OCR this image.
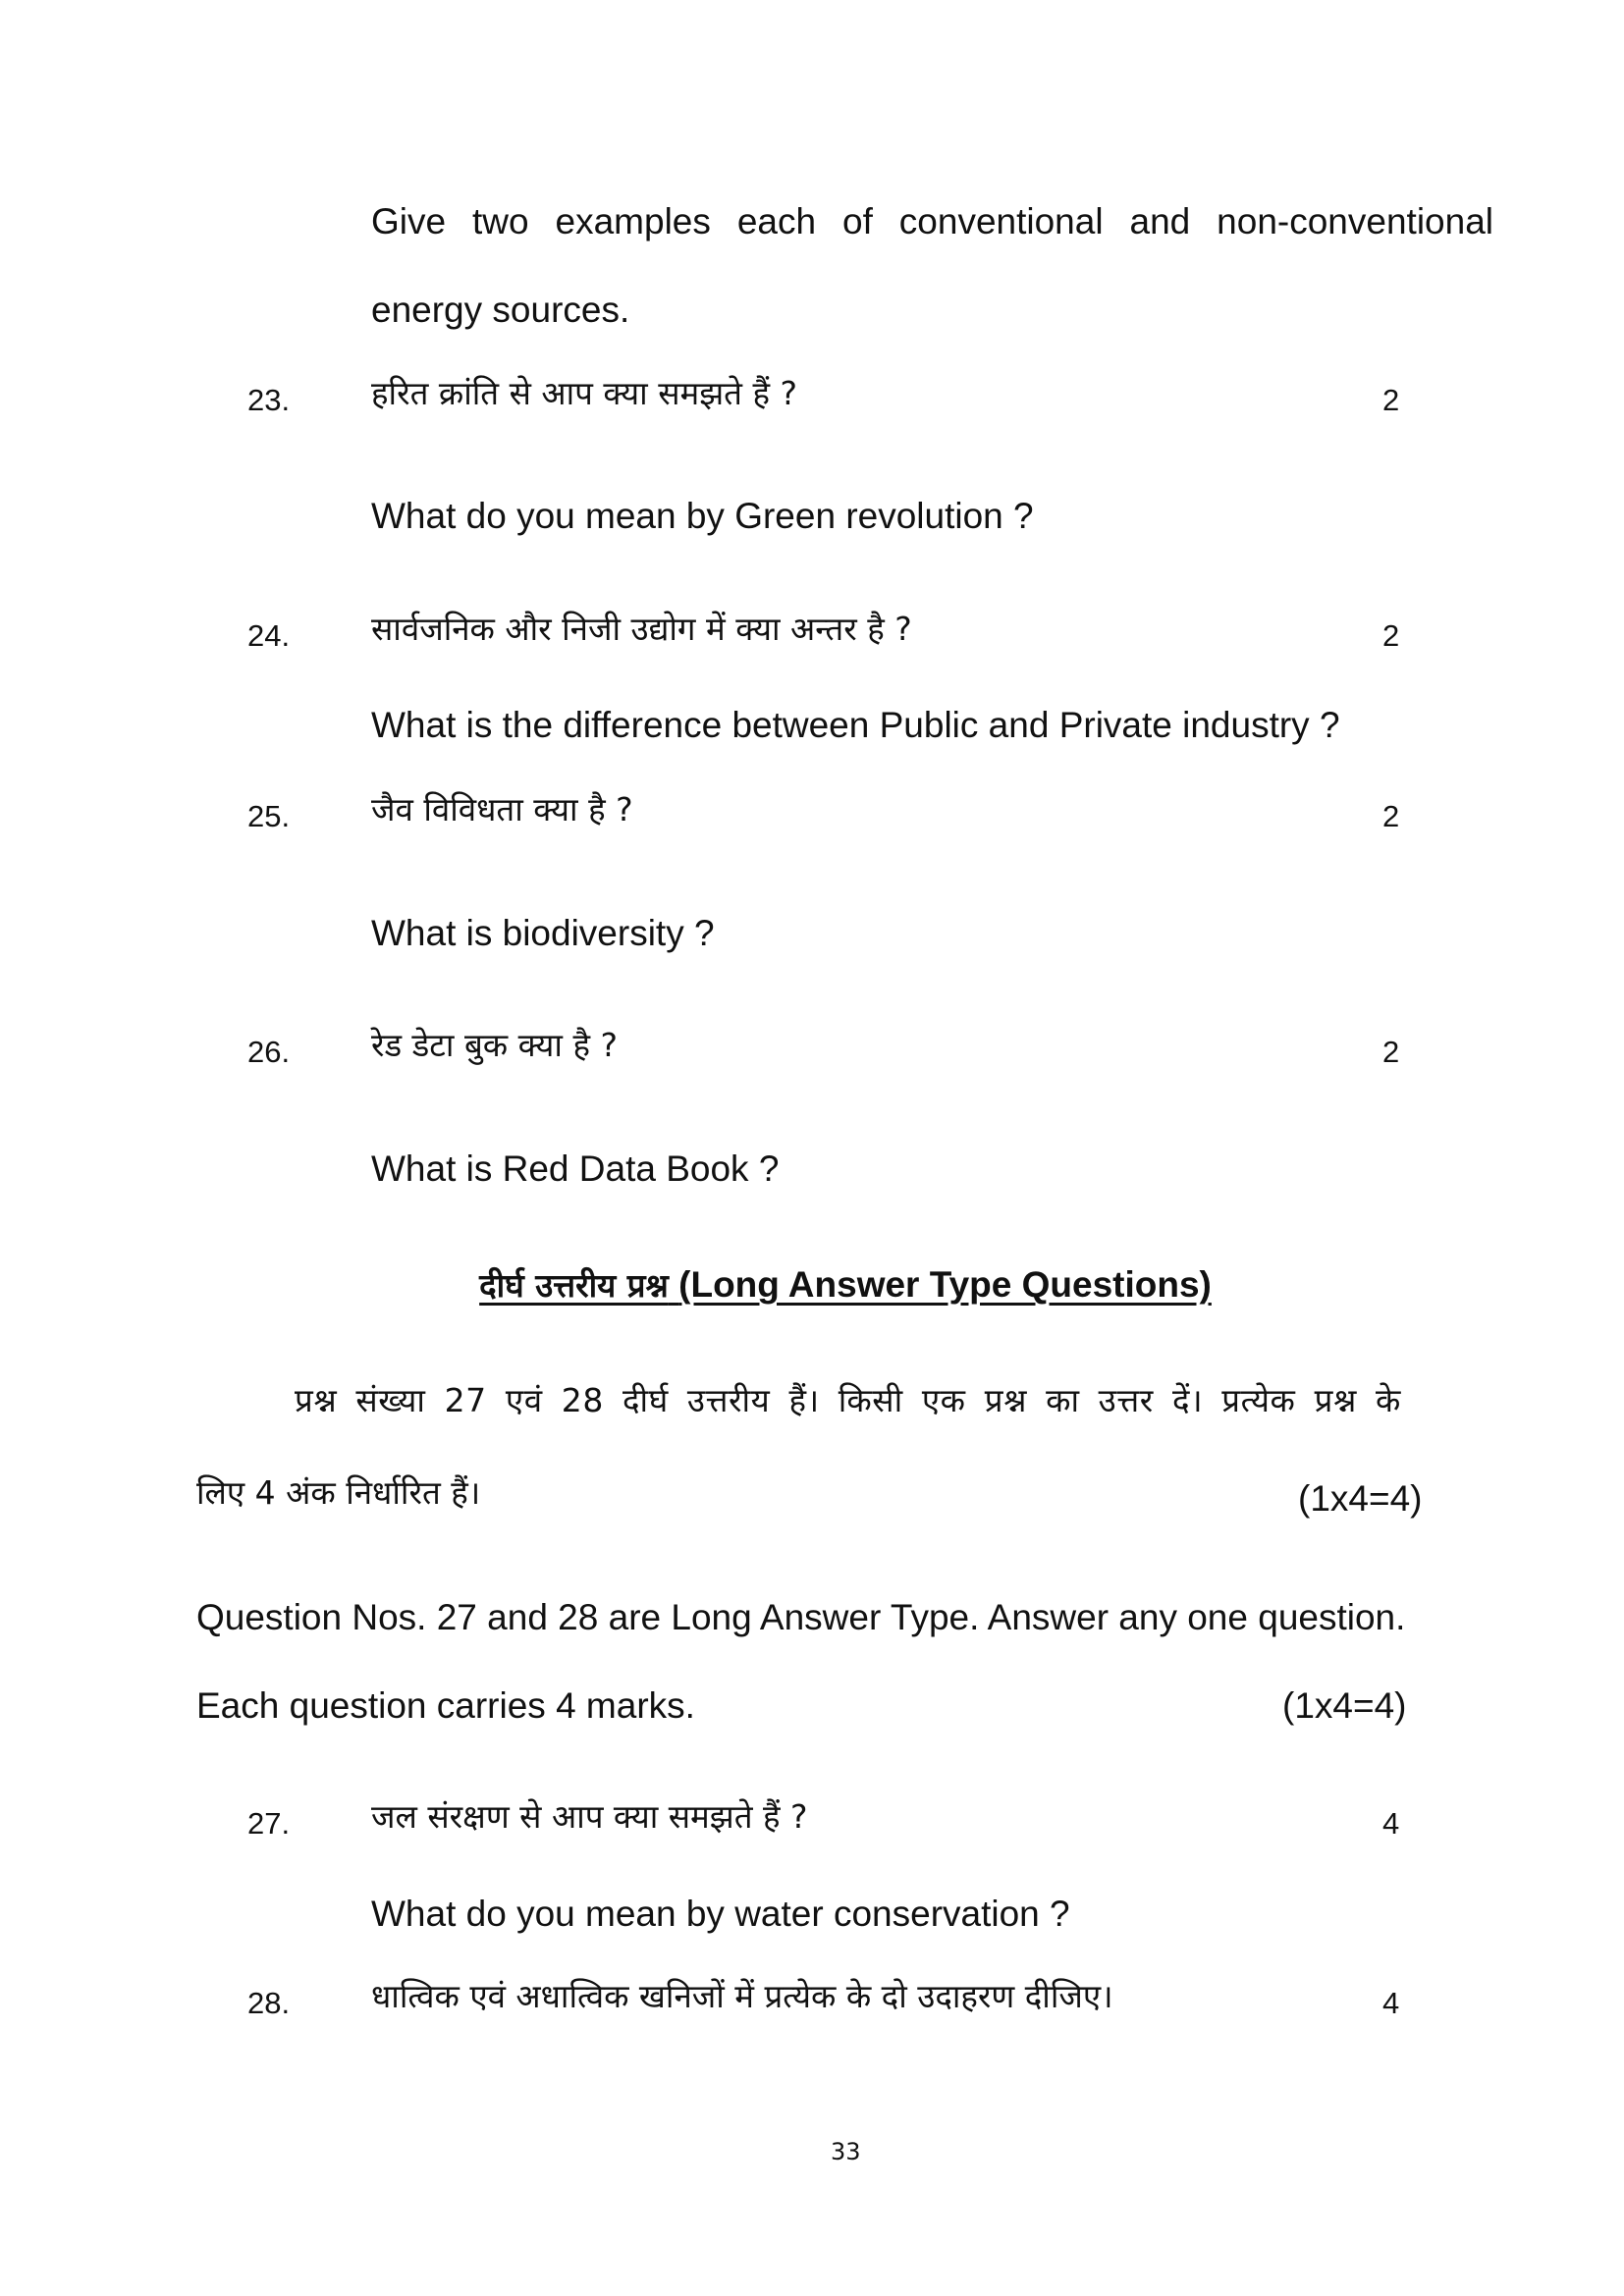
Give two examples each of conventional and non-conventional
energy sources.
23.	हरित क्रांति से आप क्या समझते हैं ?	2
What do you mean by Green revolution ?
24.	सार्वजनिक और निजी उद्योग में क्या अन्तर है ?	2
What is the difference between Public and Private industry ?
25.	जैव विविधता क्या है ?	2
What is biodiversity ?
26.	रेड डेटा बुक क्या है ?	2
What is Red Data Book ?
दीर्घ उत्तरीय प्रश्न (Long Answer Type Questions)
प्रश्न संख्या 27 एवं 28 दीर्घ उत्तरीय हैं। किसी एक प्रश्न का उत्तर दें। प्रत्येक प्रश्न के
लिए 4 अंक निर्धारित हैं।	(1x4=4)
Question Nos. 27 and 28 are Long Answer Type. Answer any one question.
Each question carries 4 marks.	(1x4=4)
27.	जल संरक्षण से आप क्या समझते हैं ?	4
What do you mean by water conservation ?
28.	धात्विक एवं अधात्विक खनिजों में प्रत्येक के दो उदाहरण दीजिए।	4
33
